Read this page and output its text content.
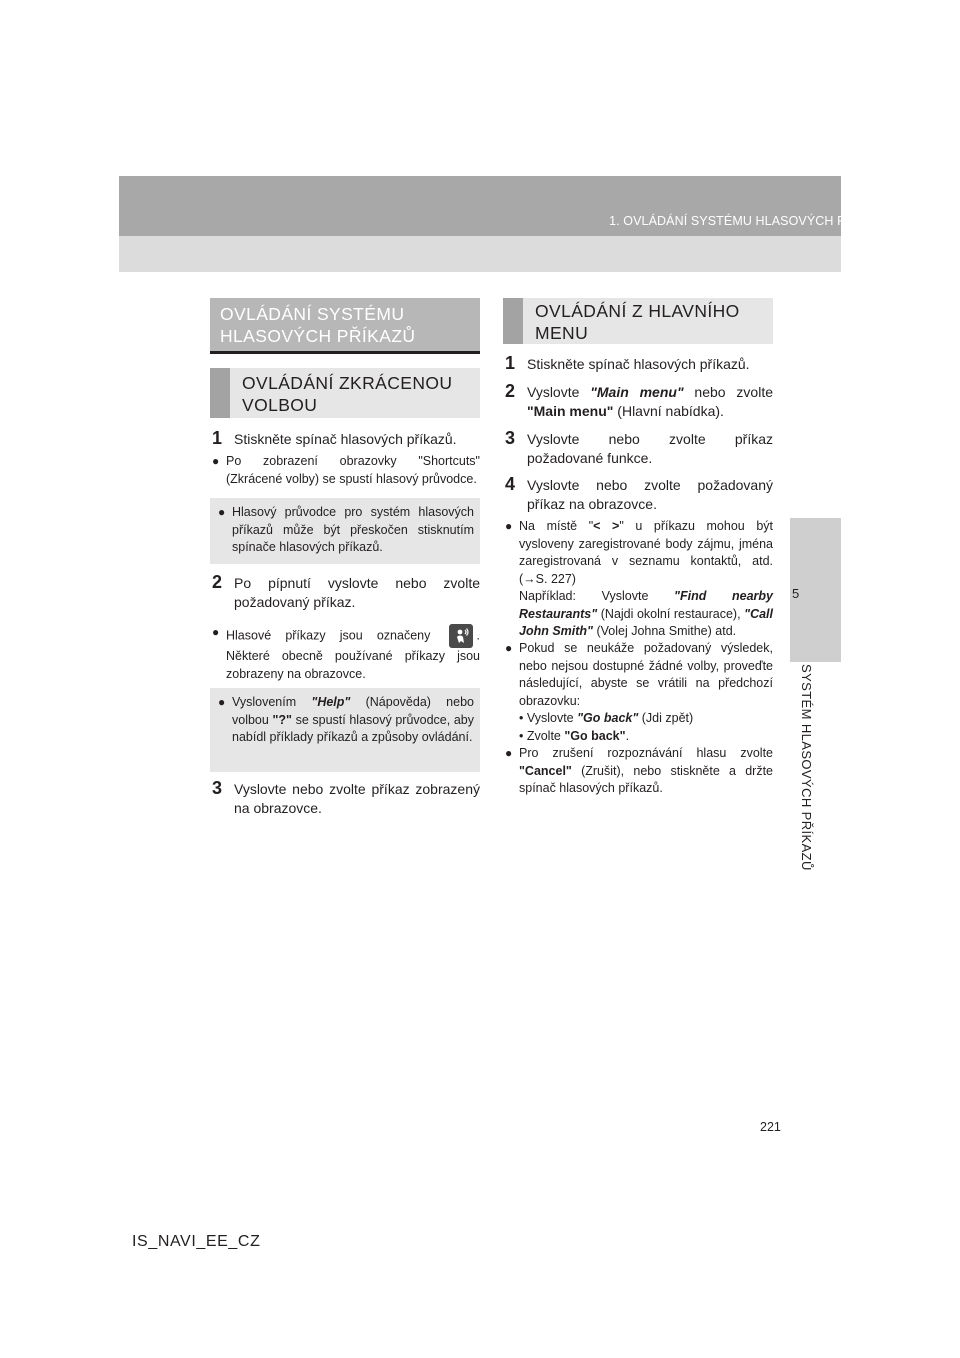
1. OVLÁDÁNÍ SYSTÉMU HLASOVÝCH PŘÍKAZŮ
5
SYSTÉM HLASOVÝCH PŘÍKAZŮ
OVLÁDÁNÍ SYSTÉMU
HLASOVÝCH PŘÍKAZŮ
OVLÁDÁNÍ ZKRÁCENOU
VOLBOU
1 Stiskněte spínač hlasových příkazů.
● Po zobrazení obrazovky "Shortcuts" (Zkrácené volby) se spustí hlasový průvodce.
● Hlasový průvodce pro systém hlasových příkazů může být přeskočen stisknutím spínače hlasových příkazů.
2 Po pípnutí vyslovte nebo zvolte požadovaný příkaz.
● Hlasové příkazy jsou označeny	. Některé obecně používané příkazy jsou zobrazeny na obrazovce.
● Vyslovením "Help" (Nápověda) nebo volbou "?" se spustí hlasový průvodce, aby nabídl příklady příkazů a způsoby ovládání.
3 Vyslovte nebo zvolte příkaz zobrazený na obrazovce.
OVLÁDÁNÍ Z HLAVNÍHO
MENU
1 Stiskněte spínač hlasových příkazů.
2 Vyslovte "Main menu" nebo zvolte "Main menu" (Hlavní nabídka).
3 Vyslovte nebo zvolte příkaz požadované funkce.
4 Vyslovte nebo zvolte požadovaný příkaz na obrazovce.
● Na místě "< >" u příkazu mohou být vysloveny zaregistrované body zájmu, jména zaregistrovaná v seznamu kontaktů, atd. (→S. 227)
Například: Vyslovte "Find nearby Restaurants" (Najdi okolní restaurace), "Call John Smith" (Volej Johna Smithe) atd.
● Pokud se neukáže požadovaný výsledek, nebo nejsou dostupné žádné volby, proveďte následující, abyste se vrátili na předchozí obrazovku:
• Vyslovte "Go back" (Jdi zpět)
• Zvolte "Go back".
● Pro zrušení rozpoznávání hlasu zvolte "Cancel" (Zrušit), nebo stiskněte a držte spínač hlasových příkazů.
221
IS_NAVI_EE_CZ
